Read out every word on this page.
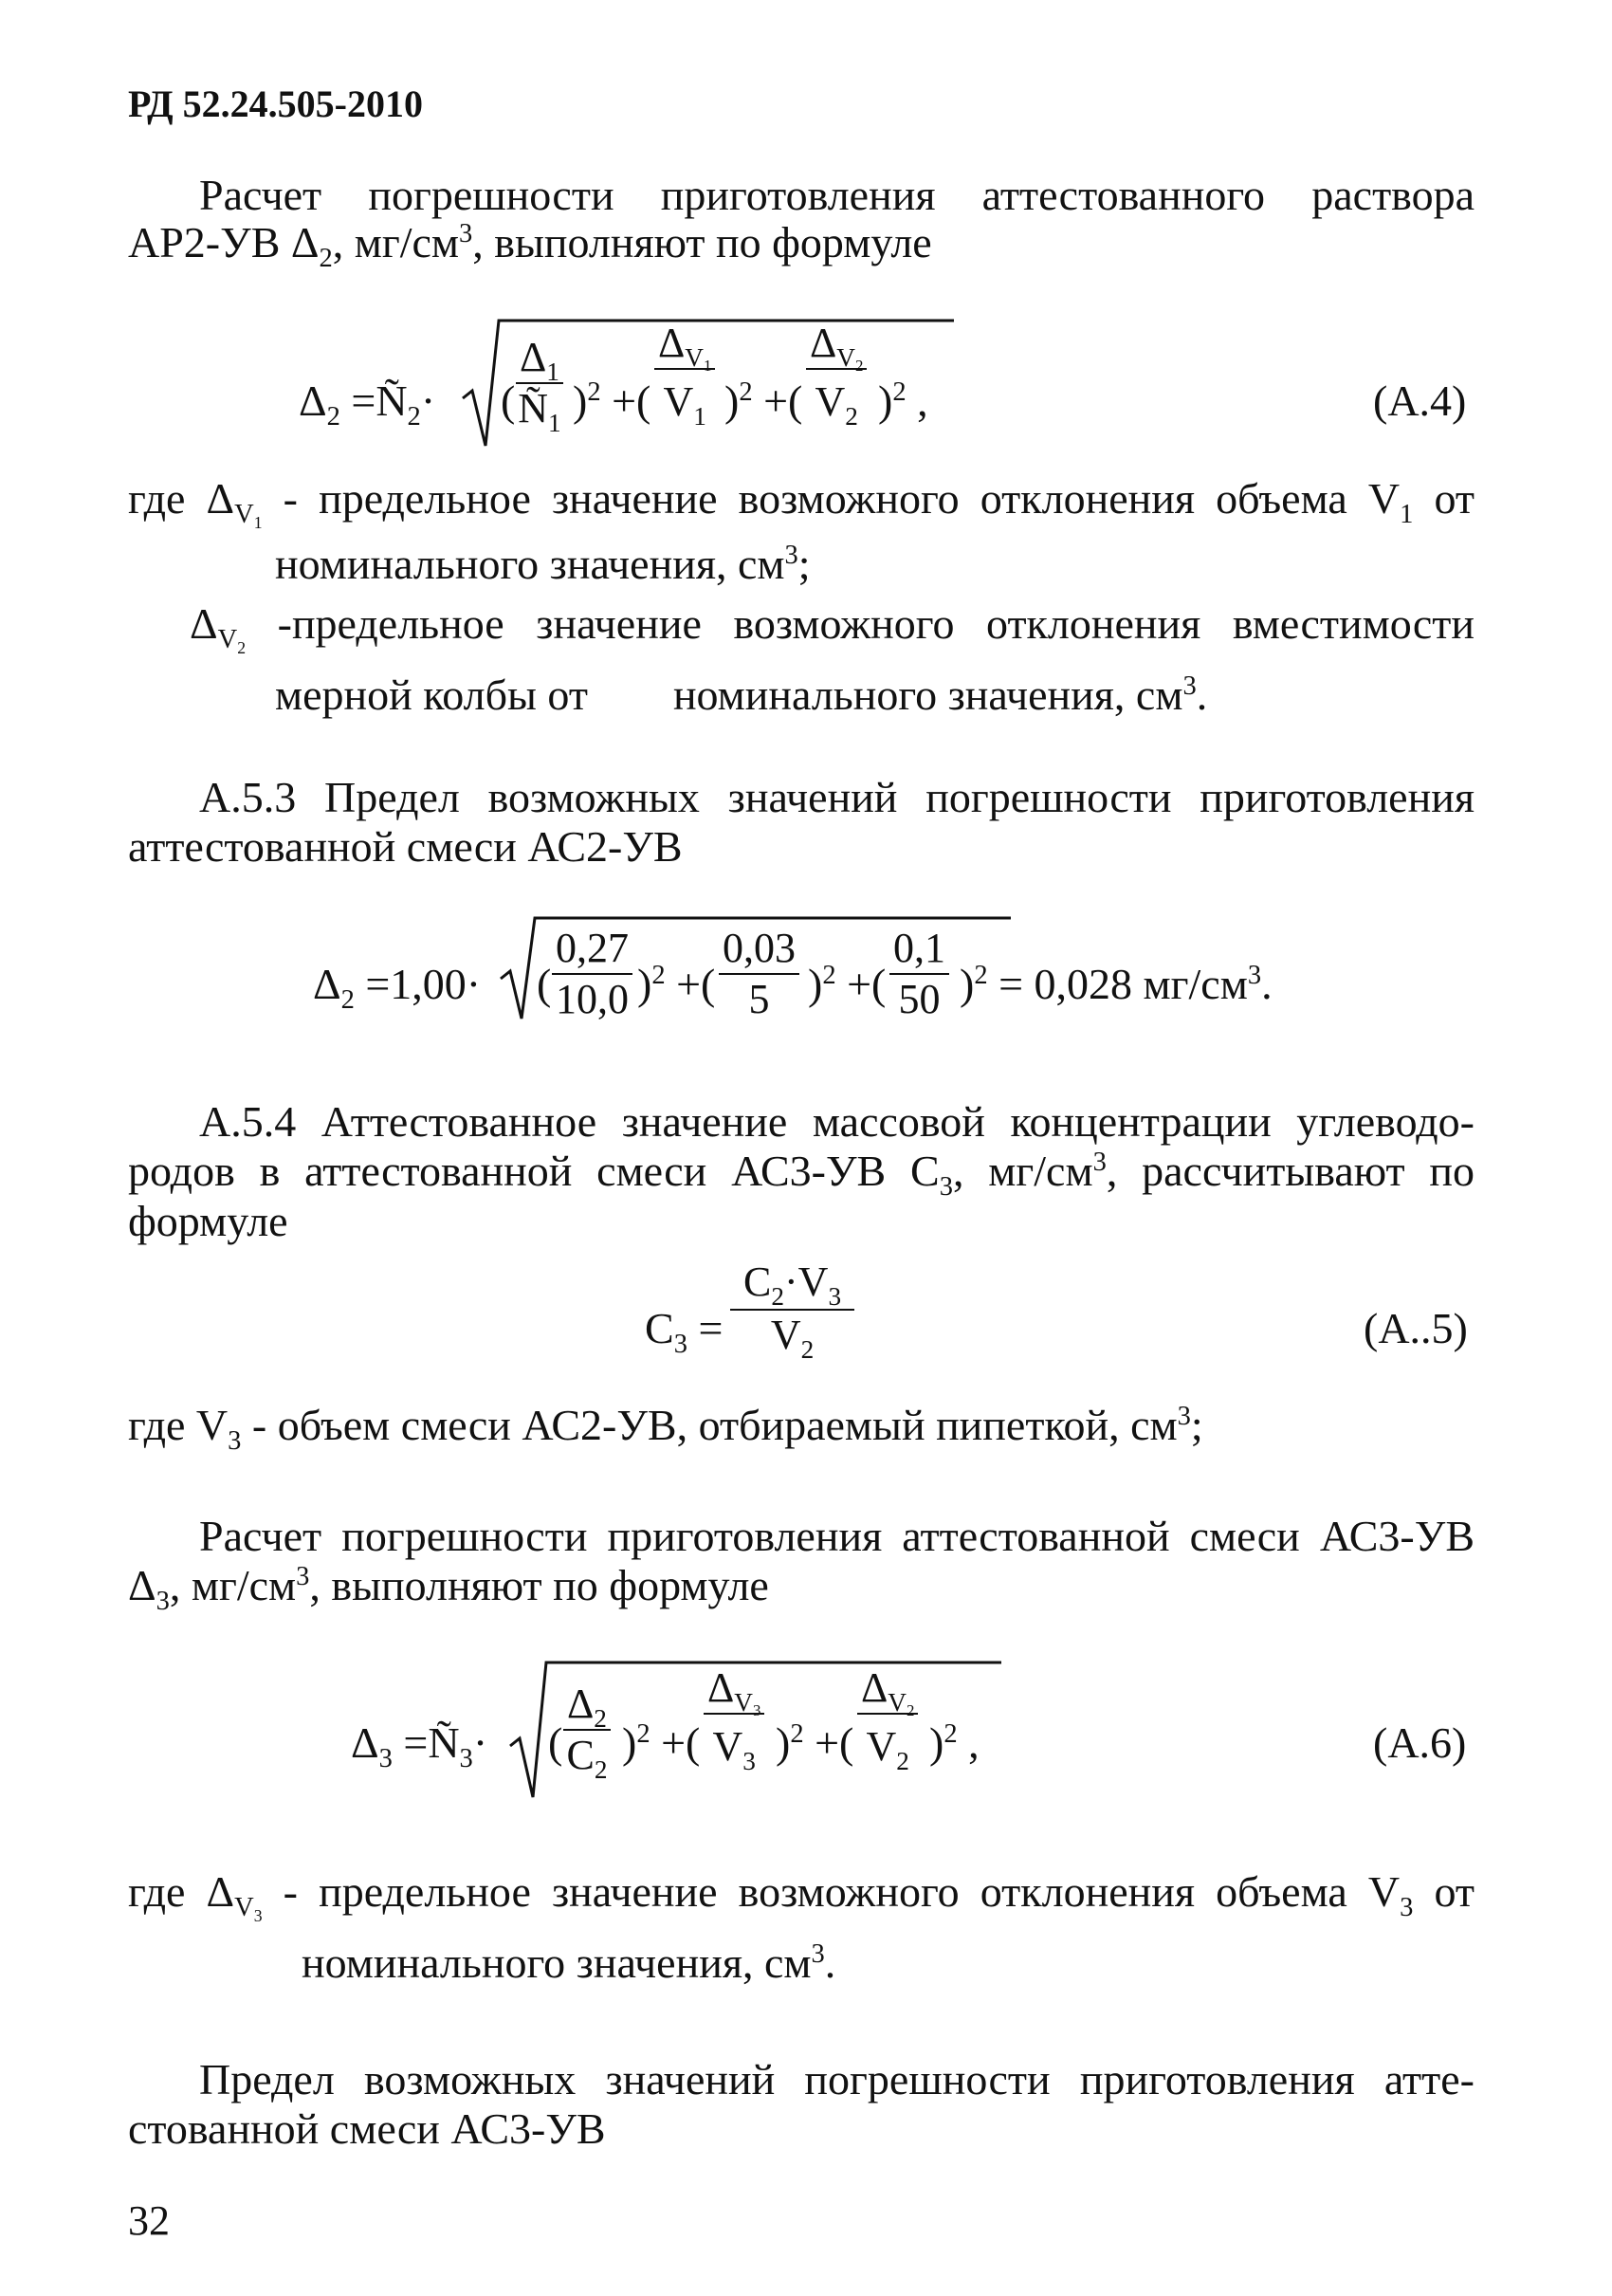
РД 52.24.505-2010
Расчет погрешности приготовления аттестованного раствора
АР2-УВ $\Delta_2$, $мг/см^3$, выполняют по формуле
$\Delta_2$ $=Ñ_2\cdot$ ( $\frac{\Delta_1}{Ñ_1} )^2$ +( $\frac{\Delta_{V_1}}{V_1} )^2$ +( $\frac{\Delta_{V_2}}{V_2} )^2$ ,	(A.4)
где $\Delta_{V_1}$ - предельное значение возможного отклонения объема $V_1$ от
номинального значения, $см^3$;
$\Delta_{V_2}$ -предельное значение возможного отклонения вместимости
мерной колбы от номинального значения, $см^3$.
А.5.3 Предел возможных значений погрешности приготовления
аттестованной смеси АС2-УВ
$\Delta_2 =1,00\cdot$ ( $\frac{0,27}{10,0} )^2$ +( $\frac{0,03}{5} )^2$ +( $\frac{0,1}{50} )^2 = 0,028$ $мг/см^3$.
А.5.4 Аттестованное значение массовой концентрации углеводо-
родов в аттестованной смеси АС3-УВ $С_3$, $мг/см^3$, рассчитывают по
формуле
$C_3 = \frac{C_2\cdot V_3}{V_2}$	(A..5)
где $V_3$ - объем смеси АС2-УВ, отбираемый пипеткой, $см^3$;
Расчет погрешности приготовления аттестованной смеси АС3-УВ
$\Delta_3$, $мг/см^3$, выполняют по формуле
$\Delta_3$ $=Ñ_3\cdot$ ( $\frac{\Delta_2}{C_2} )^2$ +( $\frac{\Delta_{V_3}}{V_3} )^2$ +( $\frac{\Delta_{V_2}}{V_2} )^2$ ,	(A.6)
где $\Delta_{V_3}$ - предельное значение возможного отклонения объема $V_3$ от
номинального значения, $см^3$.
Предел возможных значений погрешности приготовления атте-
стованной смеси АС3-УВ
32
